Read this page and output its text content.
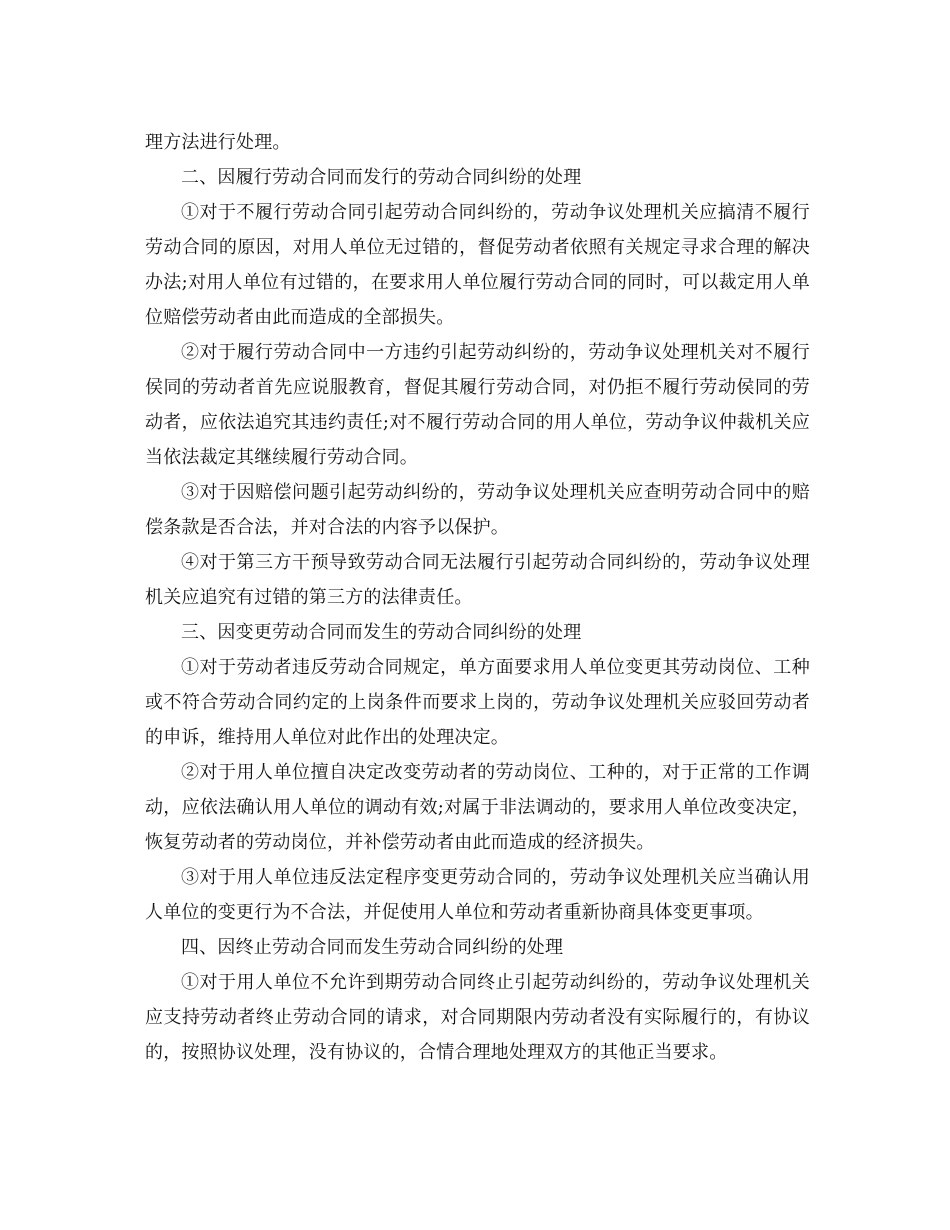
理方法进行处理。

二、因履行劳动合同而发行的劳动合同纠纷的处理

①对于不履行劳动合同引起劳动合同纠纷的，劳动争议处理机关应搞清不履行劳动合同的原因，对用人单位无过错的，督促劳动者依照有关规定寻求合理的解决办法;对用人单位有过错的，在要求用人单位履行劳动合同的同时，可以裁定用人单位赔偿劳动者由此而造成的全部损失。

②对于履行劳动合同中一方违约引起劳动纠纷的，劳动争议处理机关对不履行侯同的劳动者首先应说服教育，督促其履行劳动合同，对仍拒不履行劳动侯同的劳动者，应依法追究其违约责任;对不履行劳动合同的用人单位，劳动争议仲裁机关应当依法裁定其继续履行劳动合同。

③对于因赔偿问题引起劳动纠纷的，劳动争议处理机关应查明劳动合同中的赔偿条款是否合法，并对合法的内容予以保护。

④对于第三方干预导致劳动合同无法履行引起劳动合同纠纷的，劳动争议处理机关应追究有过错的第三方的法律责任。

三、因变更劳动合同而发生的劳动合同纠纷的处理

①对于劳动者违反劳动合同规定，单方面要求用人单位变更其劳动岗位、工种或不符合劳动合同约定的上岗条件而要求上岗的，劳动争议处理机关应驳回劳动者的申诉，维持用人单位对此作出的处理决定。

②对于用人单位擅自决定改变劳动者的劳动岗位、工种的，对于正常的工作调动，应依法确认用人单位的调动有效;对属于非法调动的，要求用人单位改变决定，恢复劳动者的劳动岗位，并补偿劳动者由此而造成的经济损失。

③对于用人单位违反法定程序变更劳动合同的，劳动争议处理机关应当确认用人单位的变更行为不合法，并促使用人单位和劳动者重新协商具体变更事项。

四、因终止劳动合同而发生劳动合同纠纷的处理

①对于用人单位不允许到期劳动合同终止引起劳动纠纷的，劳动争议处理机关应支持劳动者终止劳动合同的请求，对合同期限内劳动者没有实际履行的，有协议的，按照协议处理，没有协议的，合情合理地处理双方的其他正当要求。
